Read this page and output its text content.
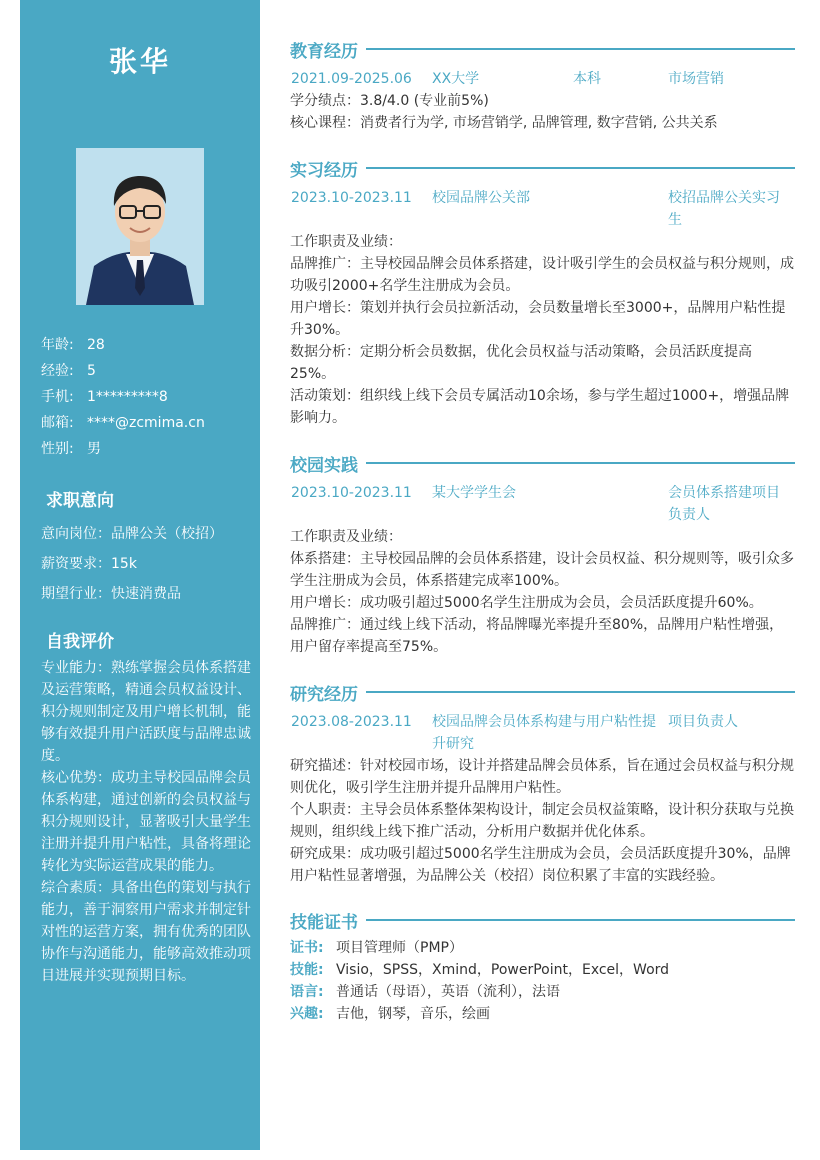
张华
年龄: 28
经验: 5
手机: 1*********8
邮箱: ****@zcmima.cn
性别: 男
求职意向
意向岗位：品牌公关（校招）
薪资要求：15k
期望行业：快速消费品
自我评价

专业能力：熟练掌握会员体系搭建及运营策略，精通会员权益设计、积分规则制定及用户增长机制，能够有效提升用户活跃度与品牌忠诚度。

核心优势：成功主导校园品牌会员体系构建，通过创新的会员权益与积分规则设计，显著吸引大量学生注册并提升用户粘性，具备将理论转化为实际运营成果的能力。

综合素质：具备出色的策划与执行能力，善于洞察用户需求并制定针对性的运营方案，拥有优秀的团队协作与沟通能力，能够高效推动项目进展并实现预期目标。

教育经历
2021.09-2025.06 XX大学	本科	市场营销

学分绩点：3.8/4.0 (专业前5%)

核心课程：消费者行为学, 市场营销学, 品牌管理, 数字营销, 公共关系

实习经历
2023.10-2023.11 校园品牌公关部	校招品牌公关实习生

工作职责及业绩：

品牌推广：主导校园品牌会员体系搭建，设计吸引学生的会员权益与积分规则，成功吸引2000+名学生注册成为会员。

用户增长：策划并执行会员拉新活动，会员数量增长至3000+，品牌用户粘性提升30%。

数据分析：定期分析会员数据，优化会员权益与活动策略，会员活跃度提高25%。

活动策划：组织线上线下会员专属活动10余场，参与学生超过1000+，增强品牌影响力。

校园实践
2023.10-2023.11 某大学学生会	会员体系搭建项目负责人

工作职责及业绩：

体系搭建：主导校园品牌的会员体系搭建，设计会员权益、积分规则等，吸引众多学生注册成为会员，体系搭建完成率100%。

用户增长：成功吸引超过5000名学生注册成为会员，会员活跃度提升60%。

品牌推广：通过线上线下活动，将品牌曝光率提升至80%，品牌用户粘性增强，用户留存率提高至75%。

研究经历
2023.08-2023.11 校园品牌会员体系构建与用户粘性提升研究
项目负责人

研究描述：针对校园市场，设计并搭建品牌会员体系，旨在通过会员权益与积分规则优化，吸引学生注册并提升品牌用户粘性。

个人职责：主导会员体系整体架构设计，制定会员权益策略，设计积分获取与兑换规则，组织线上线下推广活动，分析用户数据并优化体系。

研究成果：成功吸引超过5000名学生注册成为会员，会员活跃度提升30%，品牌用户粘性显著增强，为品牌公关（校招）岗位积累了丰富的实践经验。

技能证书
证书: 项目管理师（PMP）
技能: Visio，SPSS，Xmind，PowerPoint，Excel，Word
语言: 普通话（母语），英语（流利），法语
兴趣: 吉他，钢琴，音乐，绘画
